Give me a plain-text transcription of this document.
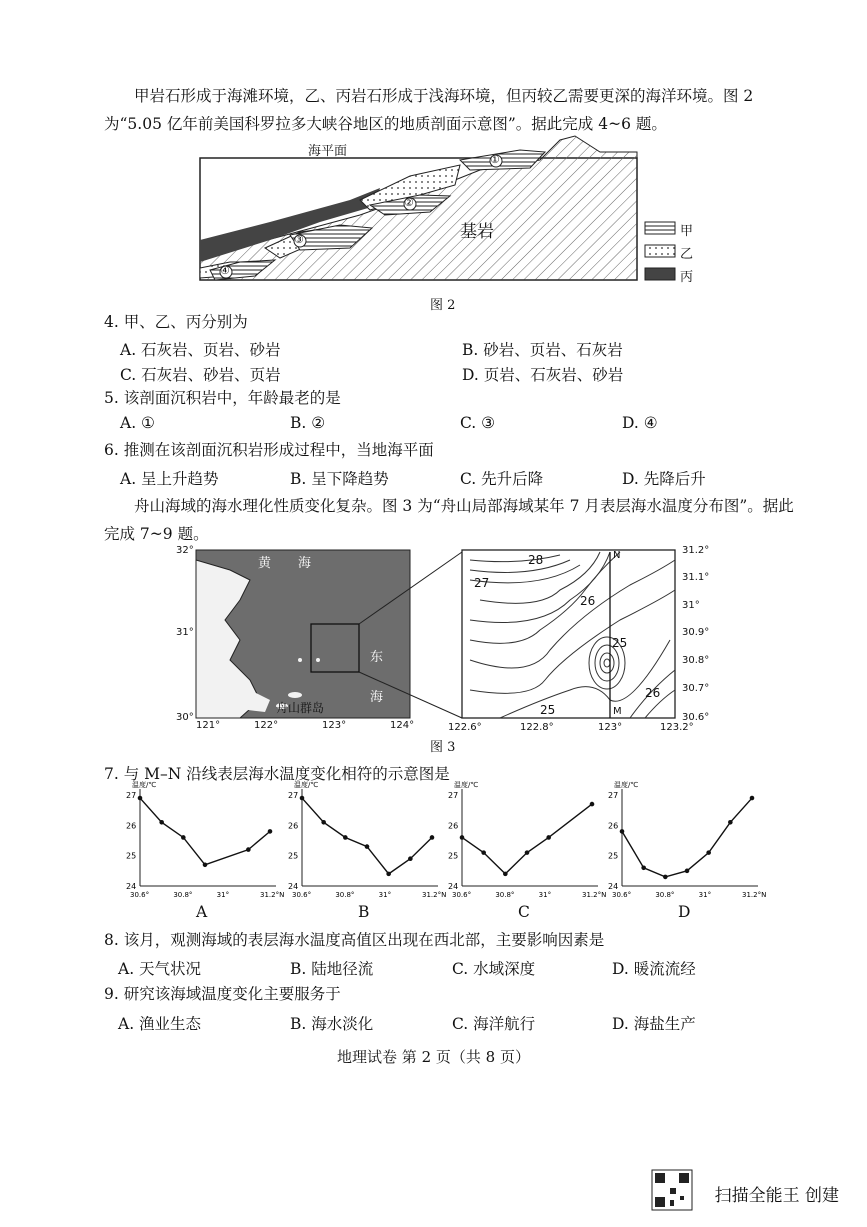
甲岩石形成于海滩环境，乙、丙岩石形成于浅海环境，但丙较乙需要更深的海洋环境。图 2 为“5.05 亿年前美国科罗拉多大峡谷地区的地质剖面示意图”。据此完成 4~6 题。
海平面
基岩
①
②
③
④
甲
乙
丙
图 2
4. 甲、乙、丙分别为
A. 石灰岩、页岩、砂岩	B. 砂岩、页岩、石灰岩
C. 石灰岩、砂岩、页岩	D. 页岩、石灰岩、砂岩
5. 该剖面沉积岩中，年龄最老的是
A. ①	B. ②	C. ③	D. ④
6. 推测在该剖面沉积岩形成过程中，当地海平面
A. 呈上升趋势	B. 呈下降趋势	C. 先升后降	D. 先降后升
舟山海域的海水理化性质变化复杂。图 3 为“舟山局部海域某年 7 月表层海水温度分布图”。据此完成 7~9 题。
32°
31°
30°
121°	122°	123°	124°
黄 海
东
海
舟山群岛
31.2°
31.1°
31°
30.9°
30.8°
30.7°
30.6°
122.6°	122.8°	123°	123.2°
28
27
26
25
25
26
N
M
图 3
7. 与 M–N 沿线表层海水温度变化相符的示意图是
温度/℃
27
26
25
24
30.6°	30.8°	31°	31.2°N
温度/℃
27
26
25
24
30.6°	30.8°	31°	31.2°N
温度/℃
27
26
25
24
30.6°	30.8°	31°	31.2°N
温度/℃
27
26
25
24
30.6°	30.8°	31°	31.2°N
A	B	C	D
8. 该月，观测海域的表层海水温度高值区出现在西北部，主要影响因素是
A. 天气状况	B. 陆地径流	C. 水域深度	D. 暖流流经
9. 研究该海域温度变化主要服务于
A. 渔业生态	B. 海水淡化	C. 海洋航行	D. 海盐生产
地理试卷 第 2 页（共 8 页）
扫描全能王 创建
